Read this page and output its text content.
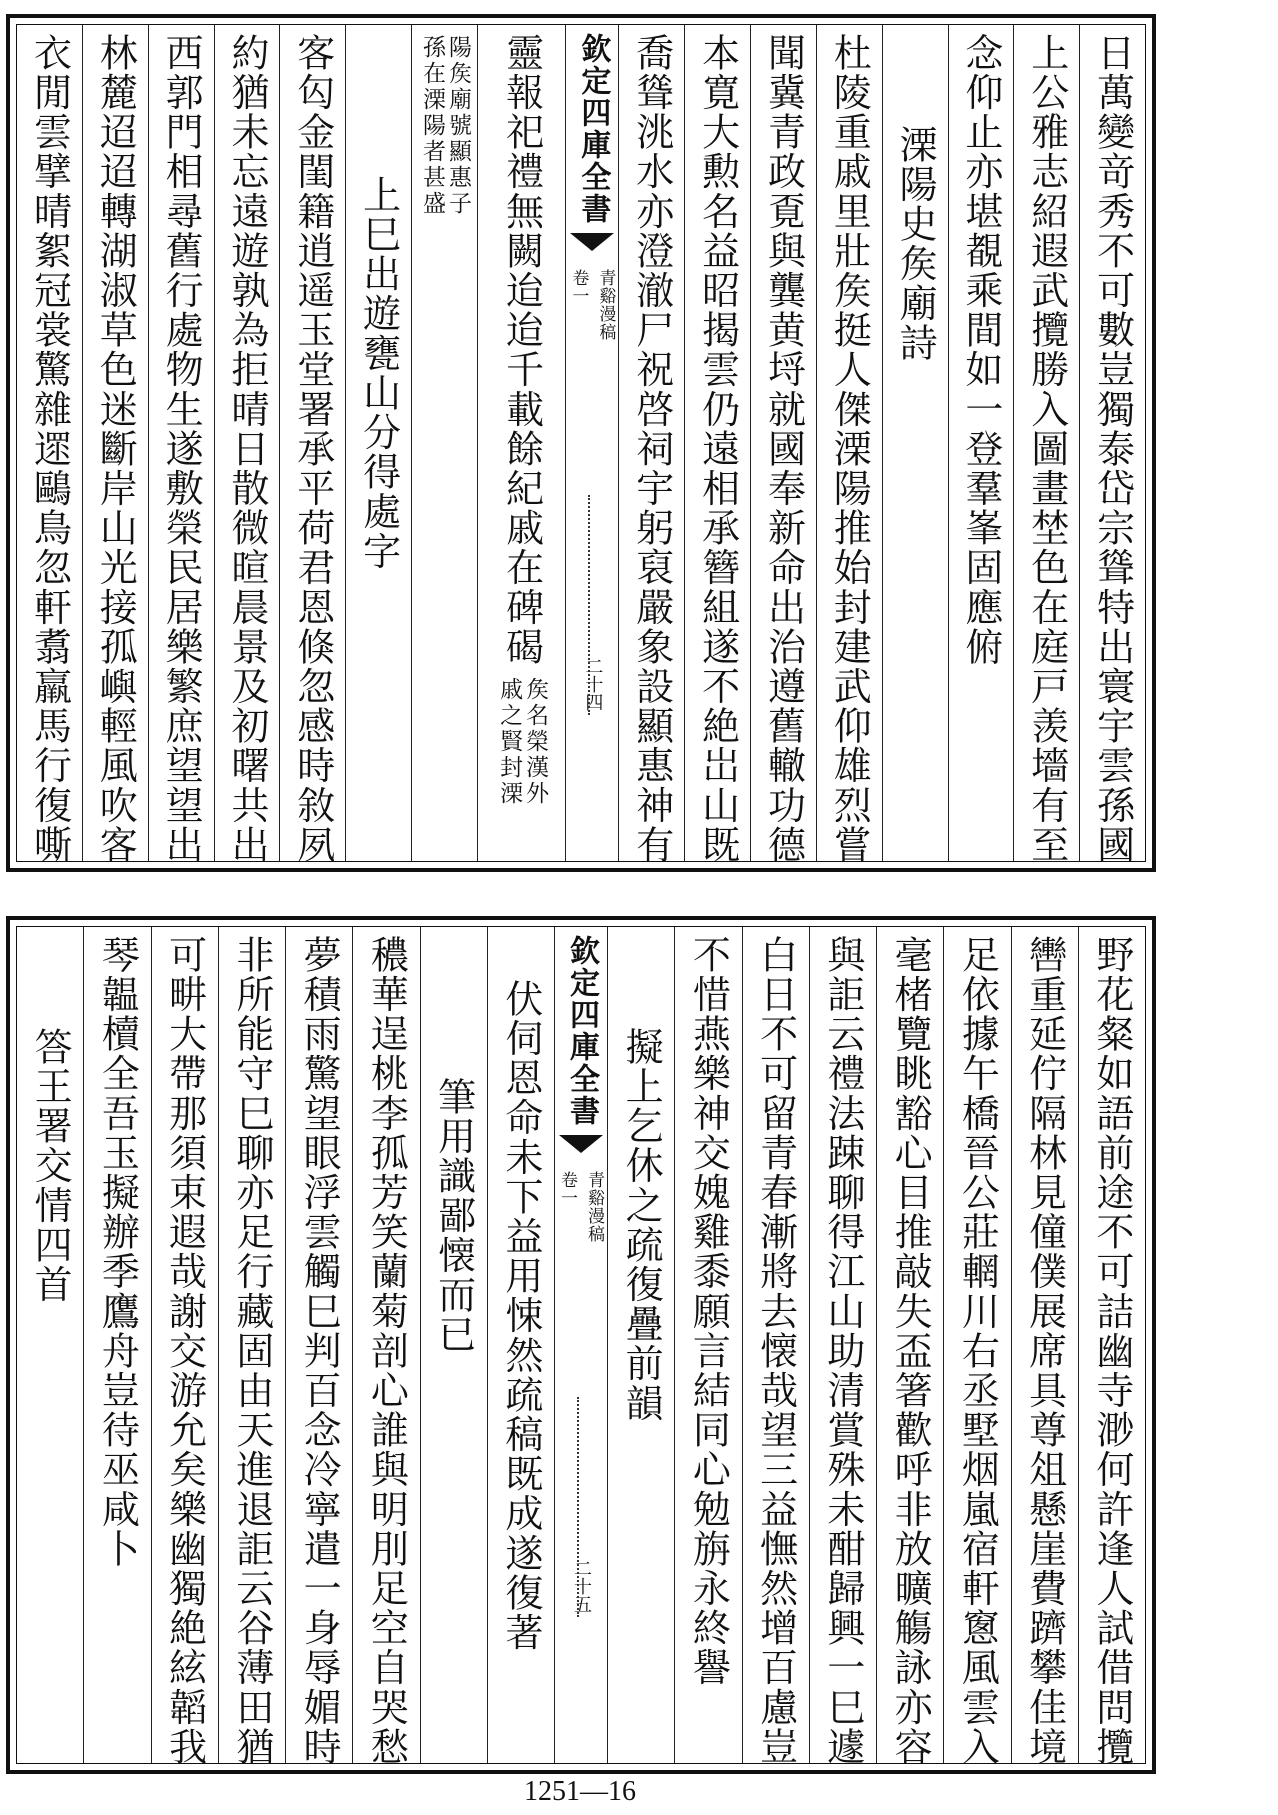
日萬變竒秀不可數豈獨泰岱宗聳特出寰宇雲孫國
上公雅志紹遐武攬勝入圖畫埜色在庭戸羡墻有至
念仰止亦堪覩乘間如一登羣峯固應俯
溧陽史矦廟詩
杜陵重戚里壯矦挺人傑溧陽推始封建武仰雄烈嘗
聞冀青政覔與龔黄埒就國奉新命出治遵舊轍功德
本寛大勲名益昭揭雲仍遠相承簪組遂不絶岀山既
喬聳洮水亦澄澈尸祝啓祠宇躬裒嚴象設顯惠神有
欽定四庫全書
青谿漫稿
卷一
二十四
靈報祀禮無闕迨迨千載餘紀戚在碑碣
矦名榮漢外
戚之賢封溧
陽矦廟號顯惠子
孫在溧陽者甚盛
上巳出遊甕山分得處字
客匃金閨籍逍遥玉堂署承平荷君恩倏忽感時敘夙
約猶未忘遠遊孰為拒晴日散微暄晨景及初曙共出
西郭門相尋舊行處物生遂敷榮民居樂繁庶望望出
林麓迢迢轉湖淑草色迷斷岸山光接孤嶼輕風吹客
衣閒雲擘晴絮冠裳驚雜遝鷗鳥忽軒翥羸馬行復嘶
野花粲如語前途不可詰幽寺渺何許逢人試借問攬
轡重延佇隔林見僮僕展席具尊俎懸崖費躋攀佳境
足依據午橋晉公莊輞川右丞墅烟嵐宿軒窻風雲入
毫楮覽眺豁心目推敲失盃箸歡呼非放曠觴詠亦容
與詎云禮法踈聊得江山助清賞殊未酣歸興一巳遽
白日不可留青春漸將去懐哉望三益憮然增百慮豈
不惜燕樂神交媿雞黍願言結同心勉旃永終譽
擬上乞休之疏復疊前韻
欽定四庫全書
青谿漫稿
卷一
二十五
伏伺恩命未下益用悚然疏稿既成遂復著
筆用識鄙懐而已
穠華逞桃李孤芳笑蘭菊剖心誰與明刖足空自哭愁
夢積雨驚望眼浮雲觸巳判百念冷寧遣一身辱媚時
非所能守巳聊亦足行藏固由天進退詎云谷薄田猶
可畊大帶那須束遐哉謝交游允矣樂幽獨絶絃韜我
琴韞櫝全吾玉擬辦季鷹舟豈待巫咸卜
答王署交情四首
1251—16
